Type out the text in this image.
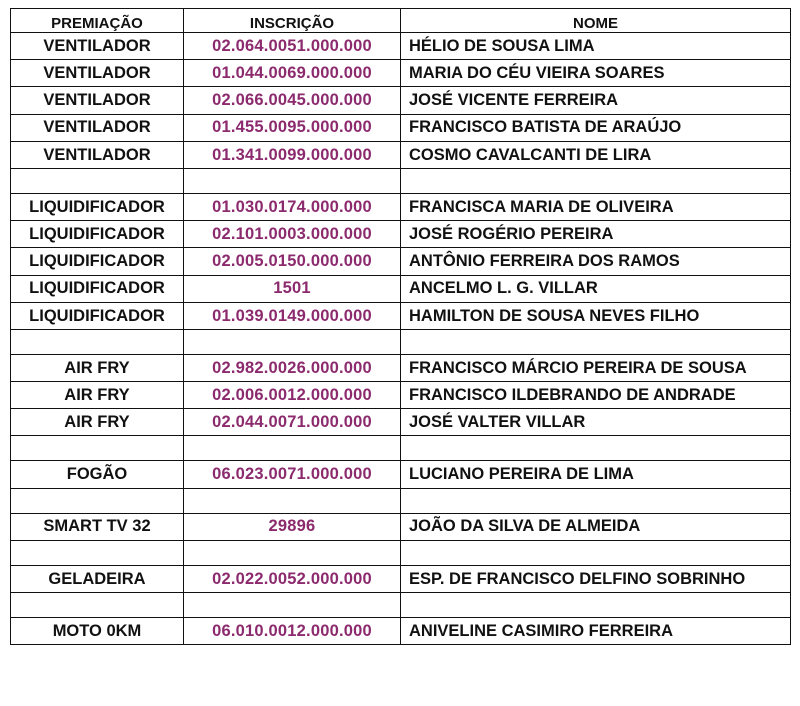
PREMIAÇÃO	INSCRIÇÃO	NOME
VENTILADOR	02.064.0051.000.000	HÉLIO DE SOUSA LIMA
VENTILADOR	01.044.0069.000.000	MARIA DO CÉU VIEIRA SOARES
VENTILADOR	02.066.0045.000.000	JOSÉ VICENTE FERREIRA
VENTILADOR	01.455.0095.000.000	FRANCISCO BATISTA DE ARAÚJO
VENTILADOR	01.341.0099.000.000	COSMO CAVALCANTI DE LIRA

LIQUIDIFICADOR	01.030.0174.000.000	FRANCISCA MARIA DE OLIVEIRA
LIQUIDIFICADOR	02.101.0003.000.000	JOSÉ ROGÉRIO PEREIRA
LIQUIDIFICADOR	02.005.0150.000.000	ANTÔNIO FERREIRA DOS RAMOS
LIQUIDIFICADOR	1501	ANCELMO L. G. VILLAR
LIQUIDIFICADOR	01.039.0149.000.000	HAMILTON DE SOUSA NEVES FILHO

AIR FRY	02.982.0026.000.000	FRANCISCO MÁRCIO PEREIRA DE SOUSA
AIR FRY	02.006.0012.000.000	FRANCISCO ILDEBRANDO DE ANDRADE
AIR FRY	02.044.0071.000.000	JOSÉ VALTER VILLAR

FOGÃO	06.023.0071.000.000	LUCIANO PEREIRA DE LIMA

SMART TV 32	29896	JOÃO DA SILVA DE ALMEIDA

GELADEIRA	02.022.0052.000.000	ESP. DE FRANCISCO DELFINO SOBRINHO

MOTO 0KM	06.010.0012.000.000	ANIVELINE CASIMIRO FERREIRA
